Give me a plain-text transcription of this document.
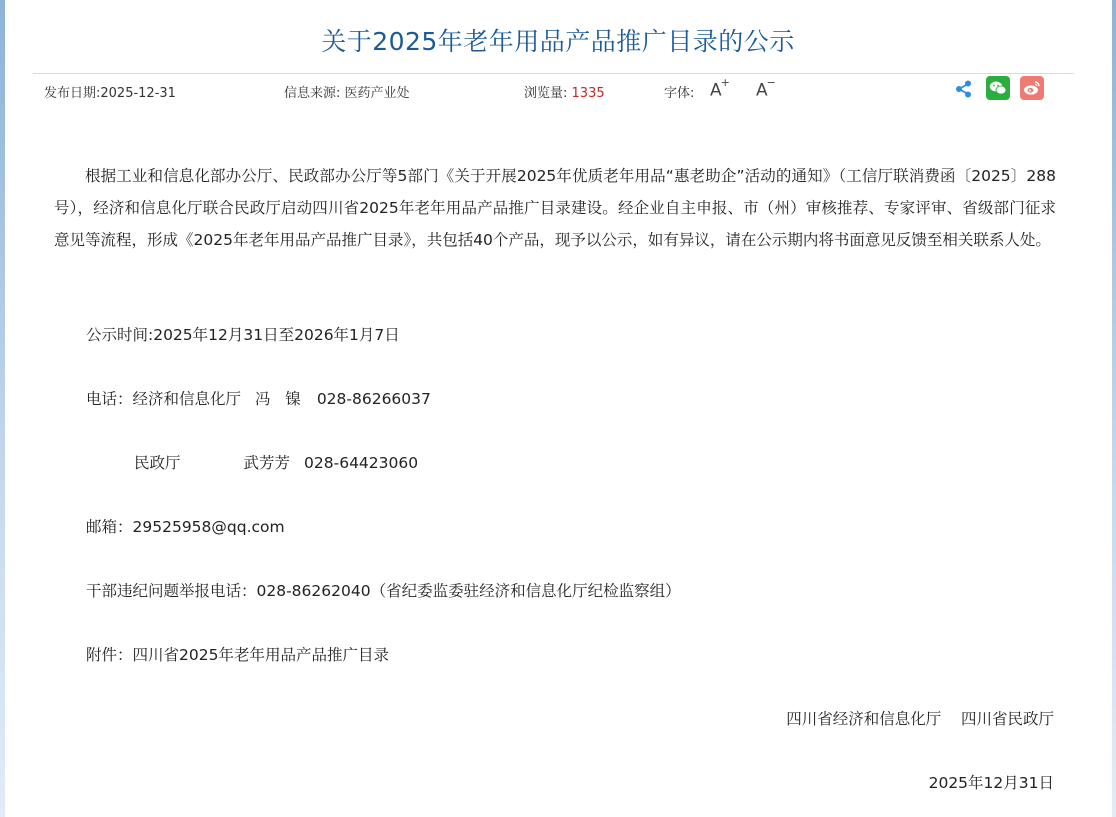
关于2025年老年用品产品推广目录的公示
发布日期:2025-12-31	信息来源: 医药产业处	浏览量: 1335	字体: A+ A−

根据工业和信息化部办公厅、民政部办公厅等5部门《关于开展2025年优质老年用品“惠老助企”活动的通知》（工信厅联消费函〔2025〕288号），经济和信息化厅联合民政厅启动四川省2025年老年用品产品推广目录建设。经企业自主申报、市（州）审核推荐、专家评审、省级部门征求意见等流程，形成《2025年老年用品产品推广目录》，共包括40个产品，现予以公示，如有异议，请在公示期内将书面意见反馈至相关联系人处。

公示时间:2025年12月31日至2026年1月7日
电话：经济和信息化厅 冯   镍 028-86266037
民政厅	武芳芳 028-64423060
邮箱：29525958@qq.com
干部违纪问题举报电话：028-86262040（省纪委监委驻经济和信息化厅纪检监察组）
附件：四川省2025年老年用品产品推广目录
四川省经济和信息化厅    四川省民政厅
2025年12月31日
